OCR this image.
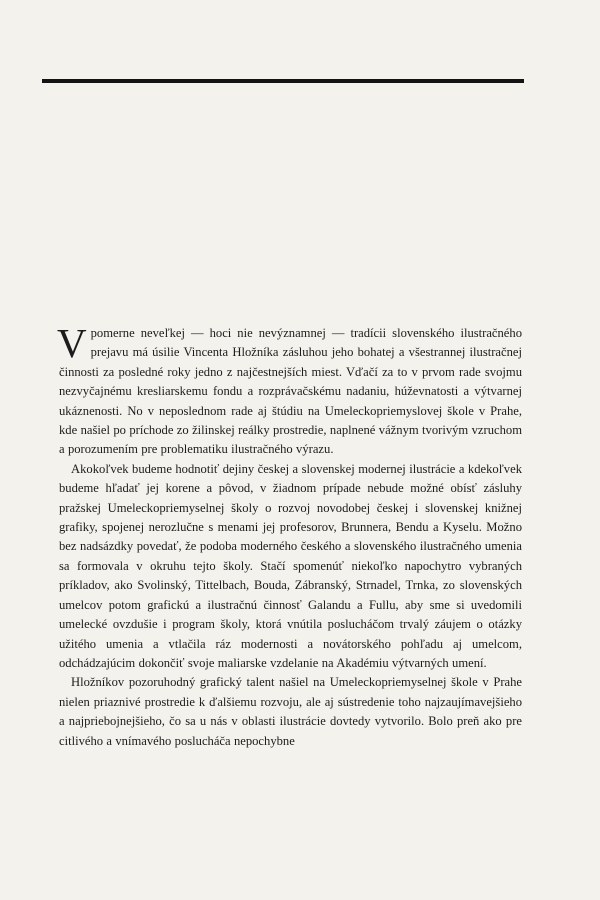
V pomerne neveľkej — hoci nie nevýznamnej — tradícii slovenského ilustračného prejavu má úsilie Vincenta Hložníka zásluhou jeho bohatej a všestrannej ilustračnej činnosti za posledné roky jedno z najčestnejších miest. Vďačí za to v prvom rade svojmu nezvyčajnému kresliarskemu fondu a rozprávačskému nadaniu, húževnatosti a výtvarnej ukáznenosti. No v neposlednom rade aj štúdiu na Umeleckopriemyslovej škole v Prahe, kde našiel po príchode zo žilinskej reálky prostredie, naplnené vážnym tvorivým vzruchom a porozumením pre problematiku ilustračného výrazu.

Akokoľvek budeme hodnotiť dejiny českej a slovenskej modernej ilustrácie a kdekoľvek budeme hľadať jej korene a pôvod, v žiadnom prípade nebude možné obísť zásluhy pražskej Umeleckopriemyselnej školy o rozvoj novodobej českej i slovenskej knižnej grafiky, spojenej nerozlučne s menami jej profesorov, Brunnera, Bendu a Kyselu. Možno bez nadsázdky povedať, že podoba moderného českého a slovenského ilustračného umenia sa formovala v okruhu tejto školy. Stačí spomenúť niekoľko napochytro vybraných príkladov, ako Svolinský, Tittelbach, Bouda, Zábranský, Strnadel, Trnka, zo slovenských umelcov potom grafickú a ilustračnú činnosť Galandu a Fullu, aby sme si uvedomili umelecké ovzdušie i program školy, ktorá vnútila poslucháčom trvalý záujem o otázky užitého umenia a vtlačila ráz modernosti a novátorského pohľadu aj umelcom, odchádzajúcim dokončiť svoje maliarske vzdelanie na Akadémiu výtvarných umení.

Hložníkov pozoruhodný grafický talent našiel na Umeleckopriemyselnej škole v Prahe nielen priaznivé prostredie k ďalšiemu rozvoju, ale aj sústredenie toho najzaujímavejšieho a najpriebojnejšieho, čo sa u nás v oblasti ilustrácie dovtedy vytvorilo. Bolo preň ako pre citlivého a vnímavého poslucháča nepochybne
